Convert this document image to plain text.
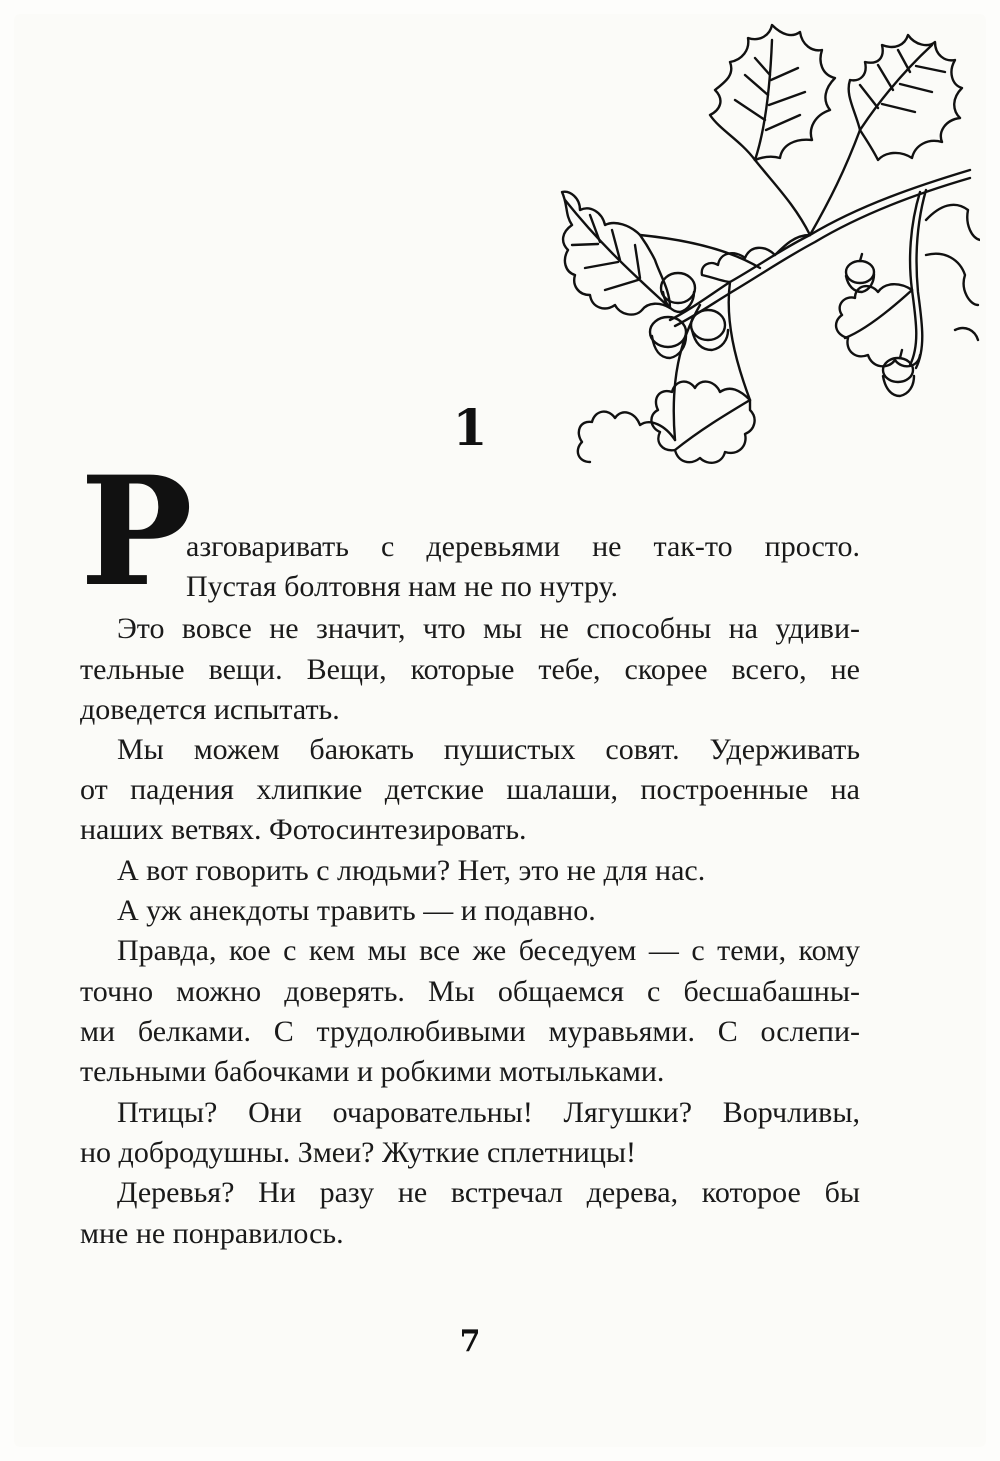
1
Р
азговаривать с деревьями не так-то просто.
Пустая болтовня нам не по нутру.
Это вовсе не значит, что мы не способны на удиви-
тельные вещи. Вещи, которые тебе, скорее всего, не
доведется испытать.
Мы можем баюкать пушистых совят. Удерживать
от падения хлипкие детские шалаши, построенные на
наших ветвях. Фотосинтезировать.
А вот говорить с людьми? Нет, это не для нас.
А уж анекдоты травить — и подавно.
Правда, кое с кем мы все же беседуем — с теми, кому
точно можно доверять. Мы общаемся с бесшабашны-
ми белками. С трудолюбивыми муравьями. С ослепи-
тельными бабочками и робкими мотыльками.
Птицы? Они очаровательны! Лягушки? Ворчливы,
но добродушны. Змеи? Жуткие сплетницы!
Деревья? Ни разу не встречал дерева, которое бы
мне не понравилось.
7
